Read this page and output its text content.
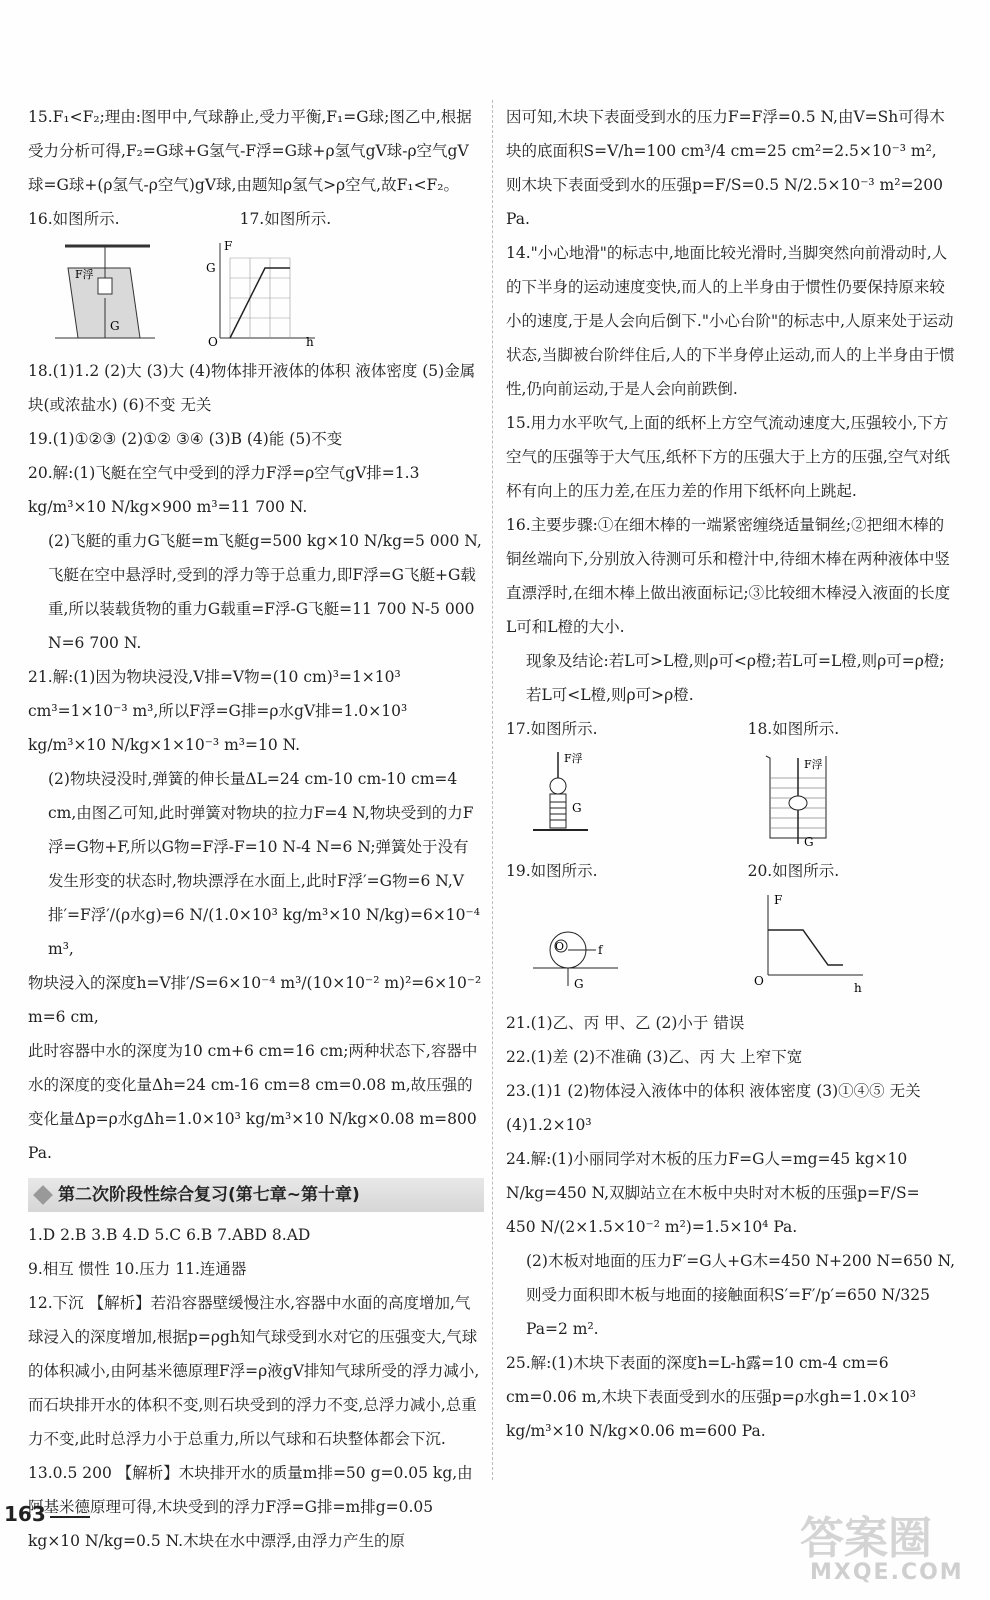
15.F₁<F₂;理由:图甲中,气球静止,受力平衡,F₁=G球;图乙中,根据受力分析可得,F₂=G球+G氢气-F浮=G球+ρ氢气gV球-ρ空气gV球=G球+(ρ氢气-ρ空气)gV球,由题知ρ氢气>ρ空气,故F₁<F₂。

16.如图所示.	17.如图所示.
F浮
G
F
G
O	h

18.(1)1.2 (2)大 (3)大 (4)物体排开液体的体积 液体密度 (5)金属块(或浓盐水) (6)不变 无关

19.(1)①②③ (2)①② ③④ (3)B (4)能 (5)不变

20.解:(1)飞艇在空气中受到的浮力F浮=ρ空气gV排=1.3 kg/m³×10 N/kg×900 m³=11 700 N.

(2)飞艇的重力G飞艇=m飞艇g=500 kg×10 N/kg=5 000 N,飞艇在空中悬浮时,受到的浮力等于总重力,即F浮=G飞艇+G载重,所以装载货物的重力G载重=F浮-G飞艇=11 700 N-5 000 N=6 700 N.

21.解:(1)因为物块浸没,V排=V物=(10 cm)³=1×10³ cm³=1×10⁻³ m³,所以F浮=G排=ρ水gV排=1.0×10³ kg/m³×10 N/kg×1×10⁻³ m³=10 N.

(2)物块浸没时,弹簧的伸长量ΔL=24 cm-10 cm-10 cm=4 cm,由图乙可知,此时弹簧对物块的拉力F=4 N,物块受到的力F浮=G物+F,所以G物=F浮-F=10 N-4 N=6 N;弹簧处于没有发生形变的状态时,物块漂浮在水面上,此时F浮′=G物=6 N,V排′=F浮′/(ρ水g)=6 N/(1.0×10³ kg/m³×10 N/kg)=6×10⁻⁴ m³,

物块浸入的深度h=V排′/S=6×10⁻⁴ m³/(10×10⁻² m)²=6×10⁻² m=6 cm,

此时容器中水的深度为10 cm+6 cm=16 cm;两种状态下,容器中水的深度的变化量Δh=24 cm-16 cm=8 cm=0.08 m,故压强的变化量Δp=ρ水gΔh=1.0×10³ kg/m³×10 N/kg×0.08 m=800 Pa.

第二次阶段性综合复习(第七章~第十章)

1.D 2.B 3.B 4.D 5.C 6.B 7.ABD 8.AD

9.相互 惯性 10.压力 11.连通器

12.下沉 【解析】若沿容器壁缓慢注水,容器中水面的高度增加,气球浸入的深度增加,根据p=ρgh知气球受到水对它的压强变大,气球的体积减小,由阿基米德原理F浮=ρ液gV排知气球所受的浮力减小,而石块排开水的体积不变,则石块受到的浮力不变,总浮力减小,总重力不变,此时总浮力小于总重力,所以气球和石块整体都会下沉.

13.0.5 200 【解析】木块排开水的质量m排=50 g=0.05 kg,由阿基米德原理可得,木块受到的浮力F浮=G排=m排g=0.05 kg×10 N/kg=0.5 N.木块在水中漂浮,由浮力产生的原

因可知,木块下表面受到水的压力F=F浮=0.5 N,由V=Sh可得木块的底面积S=V/h=100 cm³/4 cm=25 cm²=2.5×10⁻³ m²,

则木块下表面受到水的压强p=F/S=0.5 N/2.5×10⁻³ m²=200 Pa.

14."小心地滑"的标志中,地面比较光滑时,当脚突然向前滑动时,人的下半身的运动速度变快,而人的上半身由于惯性仍要保持原来较小的速度,于是人会向后倒下."小心台阶"的标志中,人原来处于运动状态,当脚被台阶绊住后,人的下半身停止运动,而人的上半身由于惯性,仍向前运动,于是人会向前跌倒.

15.用力水平吹气,上面的纸杯上方空气流动速度大,压强较小,下方空气的压强等于大气压,纸杯下方的压强大于上方的压强,空气对纸杯有向上的压力差,在压力差的作用下纸杯向上跳起.

16.主要步骤:①在细木棒的一端紧密缠绕适量铜丝;②把细木棒的铜丝端向下,分别放入待测可乐和橙汁中,待细木棒在两种液体中竖直漂浮时,在细木棒上做出液面标记;③比较细木棒浸入液面的长度L可和L橙的大小.

现象及结论:若L可>L橙,则ρ可<ρ橙;若L可=L橙,则ρ可=ρ橙;若L可<L橙,则ρ可>ρ橙.

17.如图所示.	18.如图所示.
F浮
G
F浮
G
19.如图所示.	20.如图所示.
O	f
G
F
O	h

21.(1)乙、丙 甲、乙 (2)小于 错误

22.(1)差 (2)不准确 (3)乙、丙 大 上窄下宽

23.(1)1 (2)物体浸入液体中的体积 液体密度 (3)①④⑤ 无关 (4)1.2×10³

24.解:(1)小丽同学对木板的压力F=G人=mg=45 kg×10 N/kg=450 N,双脚站立在木板中央时对木板的压强p=F/S=

450 N/(2×1.5×10⁻² m²)=1.5×10⁴ Pa.

(2)木板对地面的压力F′=G人+G木=450 N+200 N=650 N,则受力面积即木板与地面的接触面积S′=F′/p′=650 N/325 Pa=2 m².

25.解:(1)木块下表面的深度h=L-h露=10 cm-4 cm=6 cm=0.06 m,木块下表面受到水的压强p=ρ水gh=1.0×10³ kg/m³×10 N/kg×0.06 m=600 Pa.

163	答案圈
MXQE.COM
